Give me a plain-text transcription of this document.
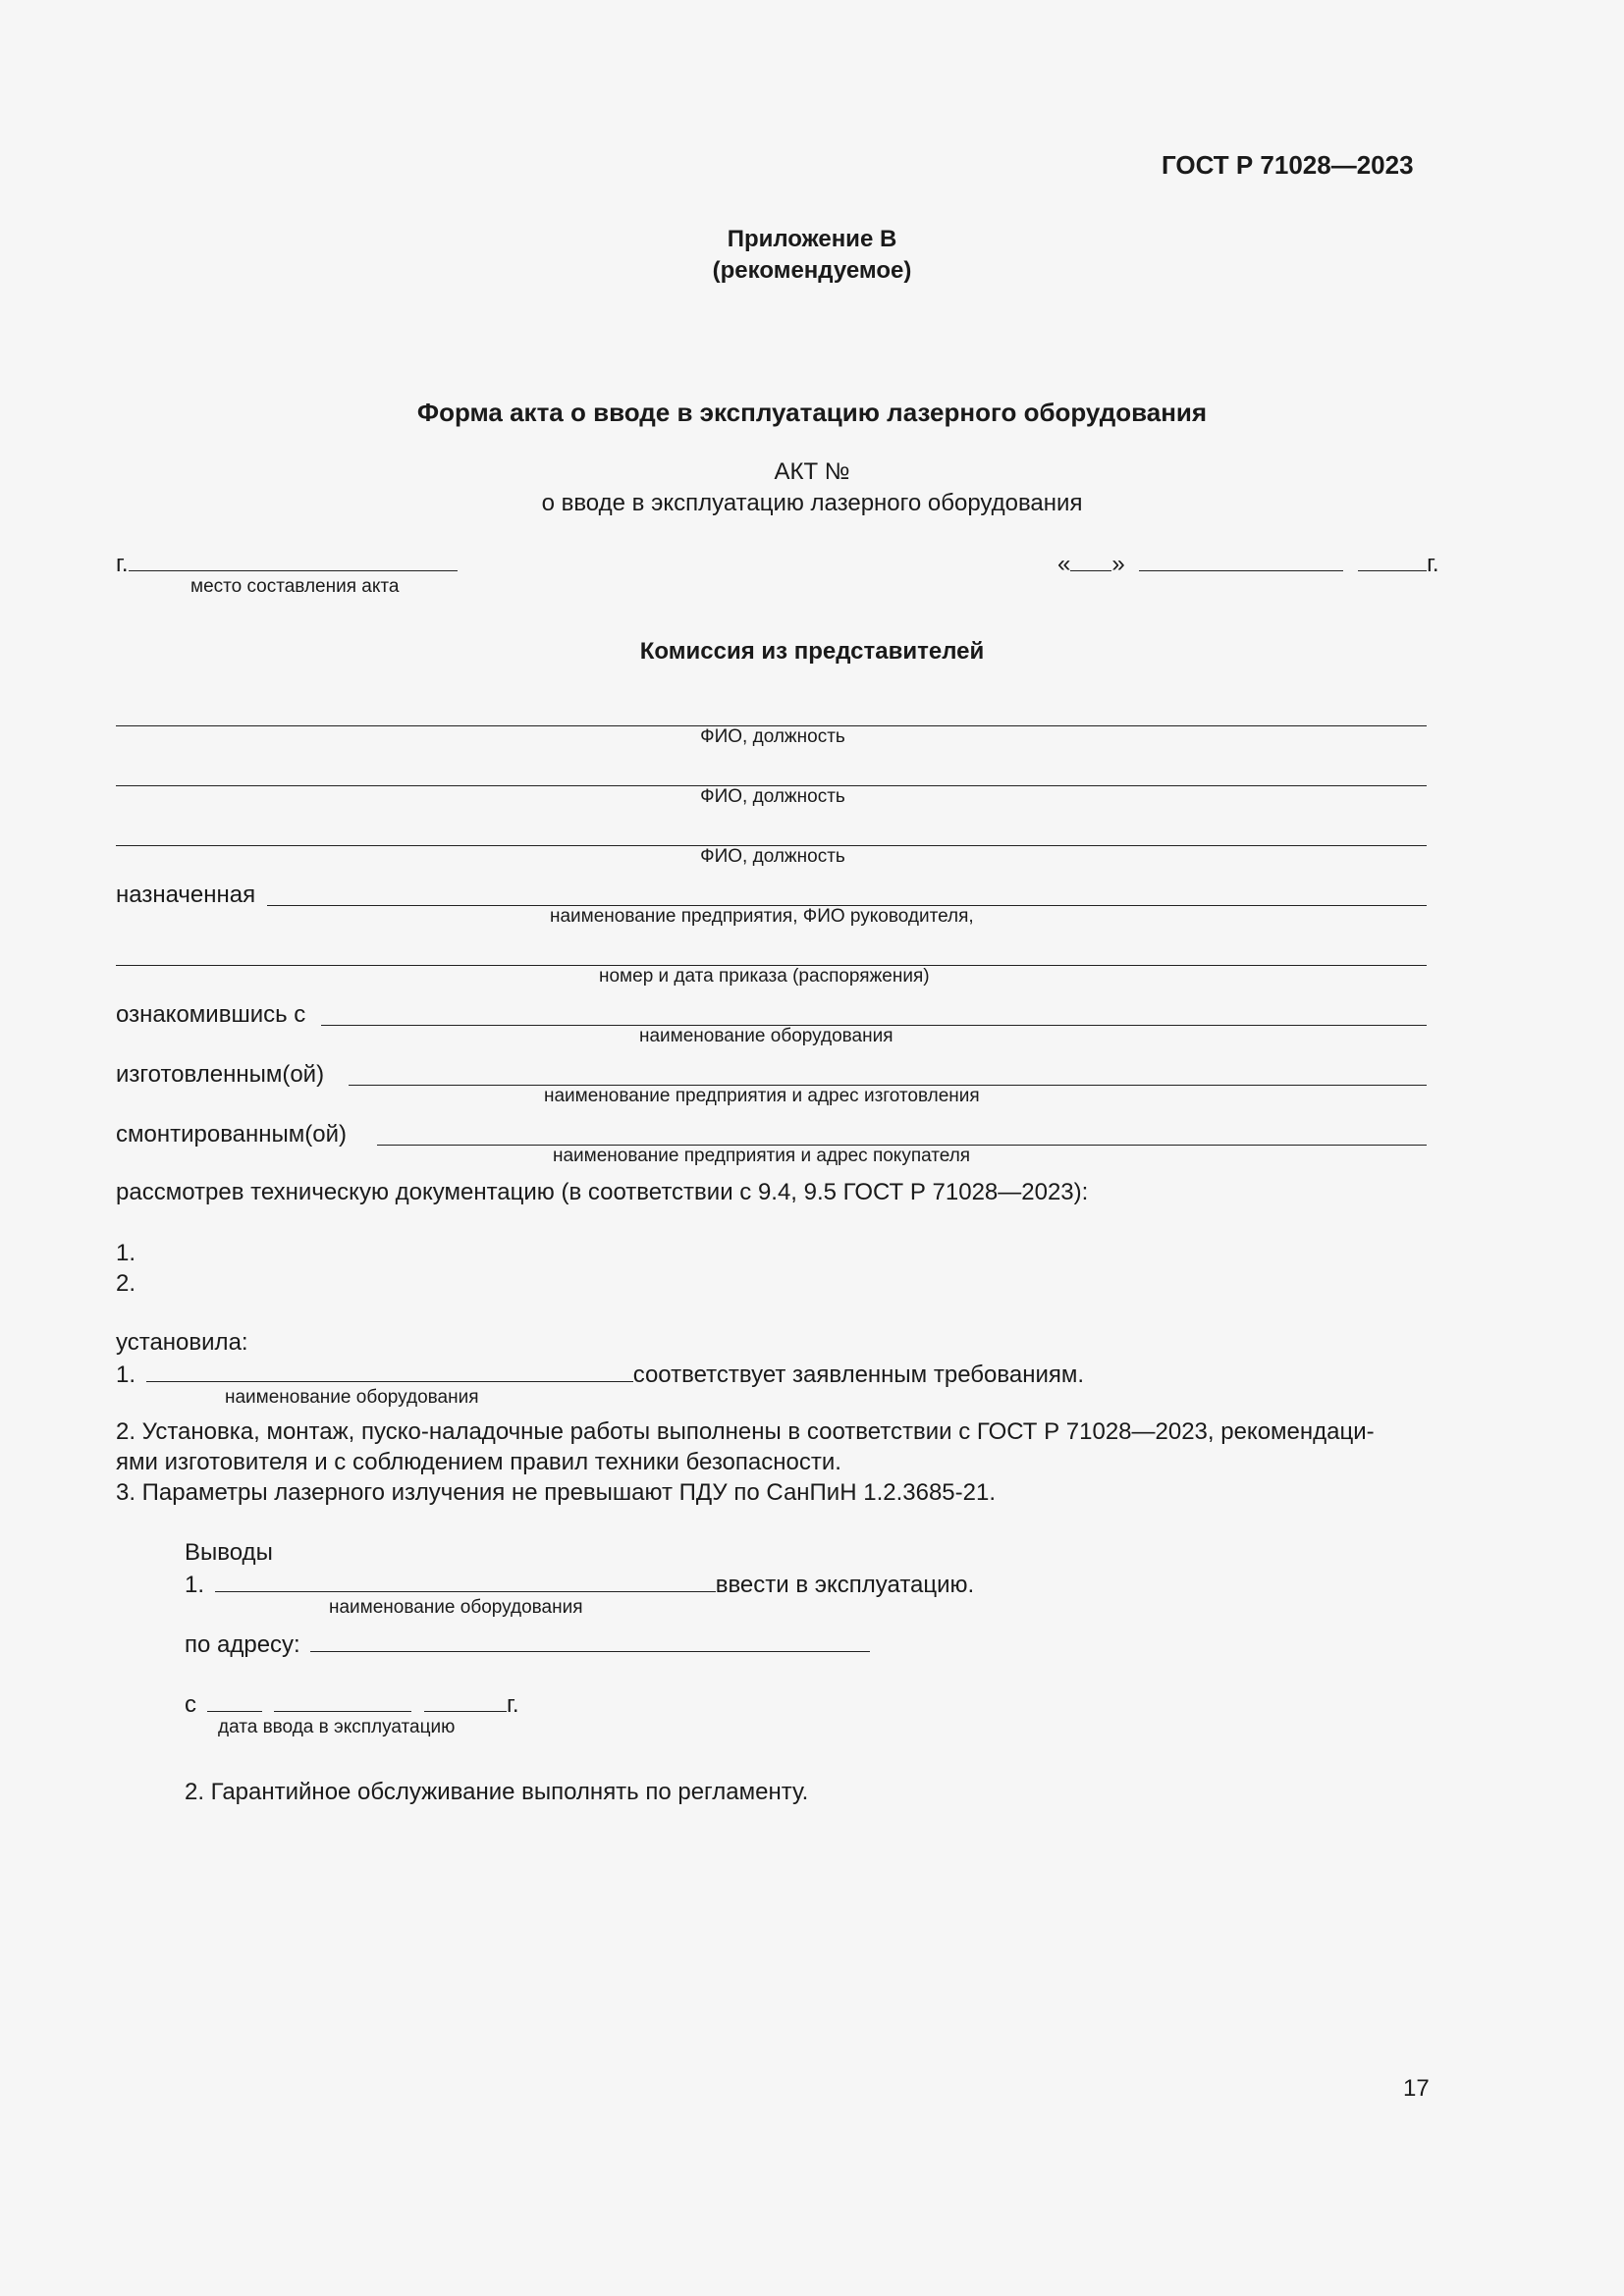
ГОСТ Р 71028—2023
Приложение В
(рекомендуемое)
Форма акта о вводе в эксплуатацию лазерного оборудования
АКТ №
о вводе в эксплуатацию лазерного оборудования
г.
место составления акта
« »	г.
Комиссия из представителей
ФИО, должность
ФИО, должность
ФИО, должность
назначенная
наименование предприятия, ФИО руководителя,
номер и дата приказа (распоряжения)
ознакомившись с
наименование оборудования
изготовленным(ой)
наименование предприятия и адрес изготовления
смонтированным(ой)
наименование предприятия и адрес покупателя
рассмотрев техническую документацию (в соответствии с 9.4, 9.5 ГОСТ Р 71028—2023):
1.
2.
установила:
1.	соответствует заявленным требованиям.
наименование оборудования
2. Установка, монтаж, пуско-наладочные работы выполнены в соответствии с ГОСТ Р 71028—2023, рекомендаци-
ями изготовителя и с соблюдением правил техники безопасности.
3. Параметры лазерного излучения не превышают ПДУ по СанПиН 1.2.3685-21.
Выводы
1.	ввести в эксплуатацию.
наименование оборудования
по адресу:
с	г.
дата ввода в эксплуатацию
2. Гарантийное обслуживание выполнять по регламенту.
17
